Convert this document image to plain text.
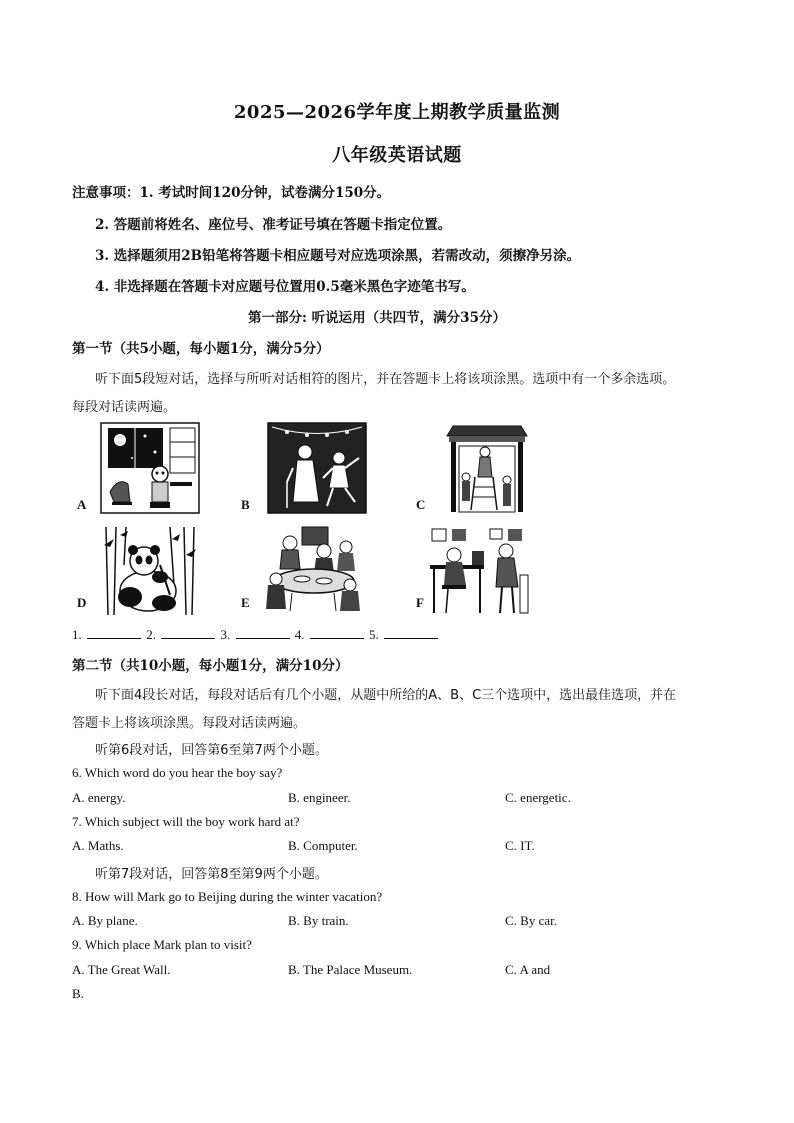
2025—2026学年度上期教学质量监测
八年级英语试题
注意事项：1. 考试时间120分钟，试卷满分150分。
2. 答题前将姓名、座位号、准考证号填在答题卡指定位置。
3. 选择题须用2B铅笔将答题卡相应题号对应选项涂黑，若需改动，须擦净另涂。
4. 非选择题在答题卡对应题号位置用0.5毫米黑色字迹笔书写。
第一部分: 听说运用（共四节，满分35分）
第一节（共5小题，每小题1分，满分5分）
听下面5段短对话，选择与所听对话相符的图片，并在答题卡上将该项涂黑。选项中有一个多余选项。
每段对话读两遍。
A	B	C
D	E	F
1.	2.	3.	4.	5.
第二节（共10小题，每小题1分，满分10分）
听下面4段长对话，每段对话后有几个小题，从题中所给的A、B、C三个选项中，选出最佳选项，并在
答题卡上将该项涂黑。每段对话读两遍。
听第6段对话，回答第6至第7两个小题。
6. Which word do you hear the boy say?
A. energy.	B. engineer.	C. energetic.
7. Which subject will the boy work hard at?
A. Maths.	B. Computer.	C. IT.
听第7段对话，回答第8至第9两个小题。
8. How will Mark go to Beijing during the winter vacation?
A. By plane.	B. By train.	C. By car.
9. Which place Mark plan to visit?
A. The Great Wall.	B. The Palace Museum.	C. A and
B.
